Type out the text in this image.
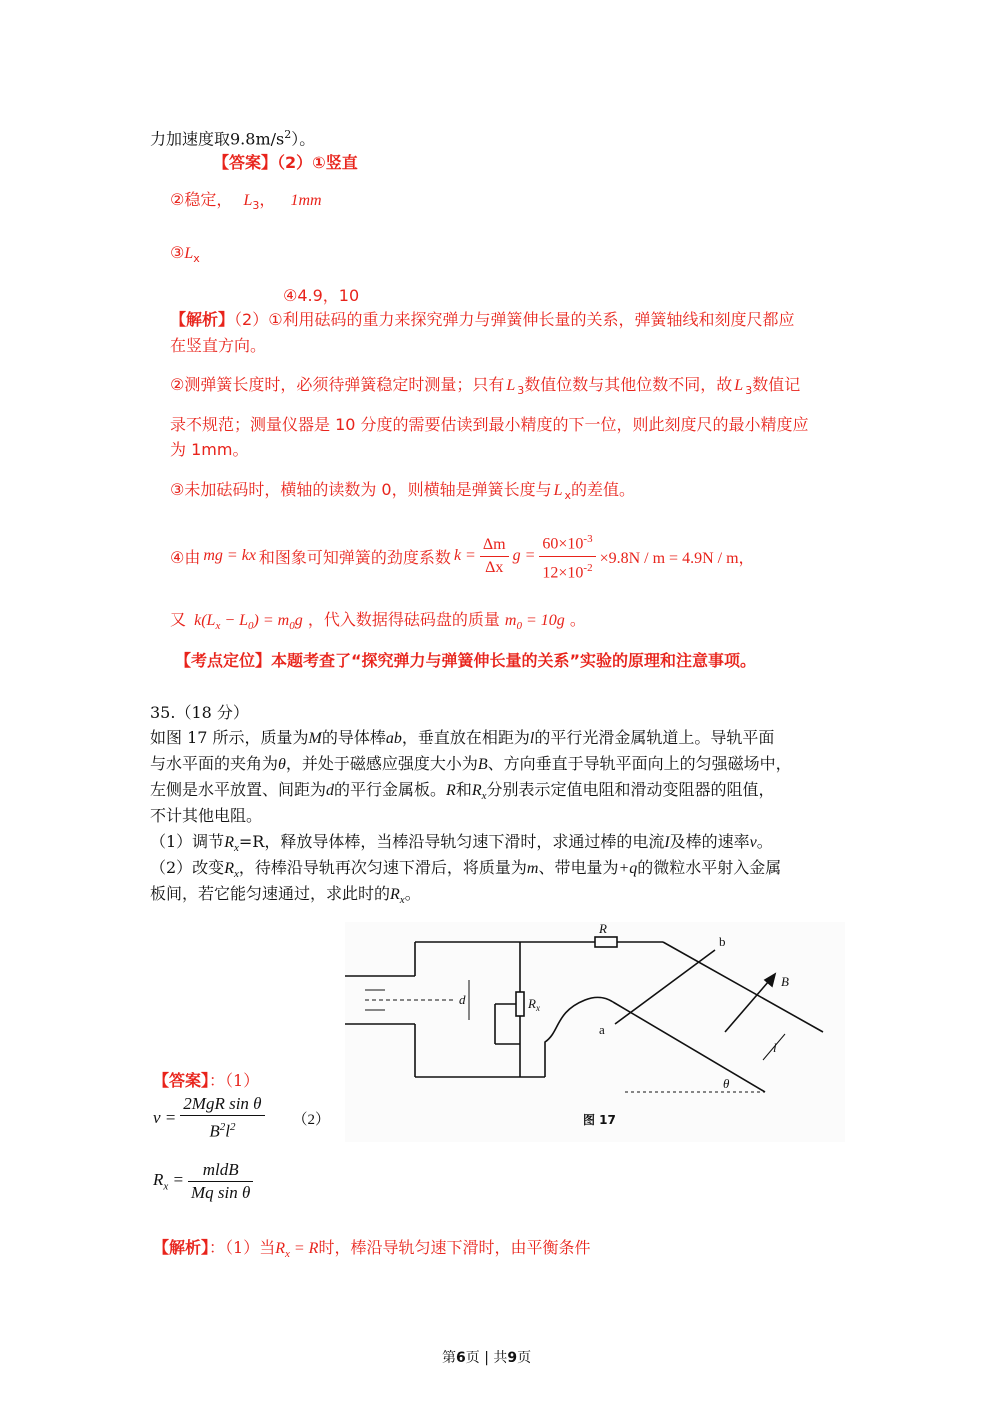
力加速度取$9.8m/s^2$）。
【答案】（2）①竖直
②稳定， $L_3$， 1mm
$③L_x$
④4.9，10
【解析】（2）①利用砝码的重力来探究弹力与弹簧伸长量的关系，弹簧轴线和刻度尺都应
在竖直方向。
②测弹簧长度时，必须待弹簧稳定时测量；只有 L $_3$数值位数与其他位数不同，故 L $_3$数值记
录不规范；测量仪器是 10 分度的需要估读到最小精度的下一位，则此刻度尺的最小精度应
为 1mm。
③未加砝码时，横轴的读数为 0，则横轴是弹簧长度与 L $_x$的差值。
④由 mg = kx 和图象可知弹簧的劲度系数 $k = \frac{\Delta m}{\Delta x}$ $g = \frac{60\times 10^{-3}}{12\times 10^{-2}} \times 9.8N / m = 4.9N / m$，
又 $k(L_x - L_0) = m_0g$ ，代入数据得砝码盘的质量 $m_0 = 10g$ 。
【考点定位】本题考查了“探究弹力与弹簧伸长量的关系”实验的原理和注意事项。
35.（18 分）
如图 17 所示，质量为M的导体棒ab，垂直放在相距为l的平行光滑金属轨道上。导轨平面
与水平面的夹角为θ，并处于磁感应强度大小为B、方向垂直于导轨平面向上的匀强磁场中，
左侧是水平放置、间距为d的平行金属板。R和$R_x$分别表示定值电阻和滑动变阻器的阻值，
不计其他电阻。
（1）调节$R_x=R$，释放导体棒，当棒沿导轨匀速下滑时，求通过棒的电流I及棒的速率v。
（2）改变$R_x$，待棒沿导轨再次匀速下滑后，将质量为m、带电量为+q的微粒水平射入金属
板间，若它能匀速通过，求此时的$R_x$。
R
$R_x$
d
b
a
B
l
θ
图 17
【答案】：（1）
$v = \frac{\text{2MgR sin θ}}{B^2l^2} (2)$
$R_x = \frac{\text{mldB}}{\text{Mq sin θ}}$
【解析】：（1）当$R_x = R$时，棒沿导轨匀速下滑时，由平衡条件
第6页 | 共9页
